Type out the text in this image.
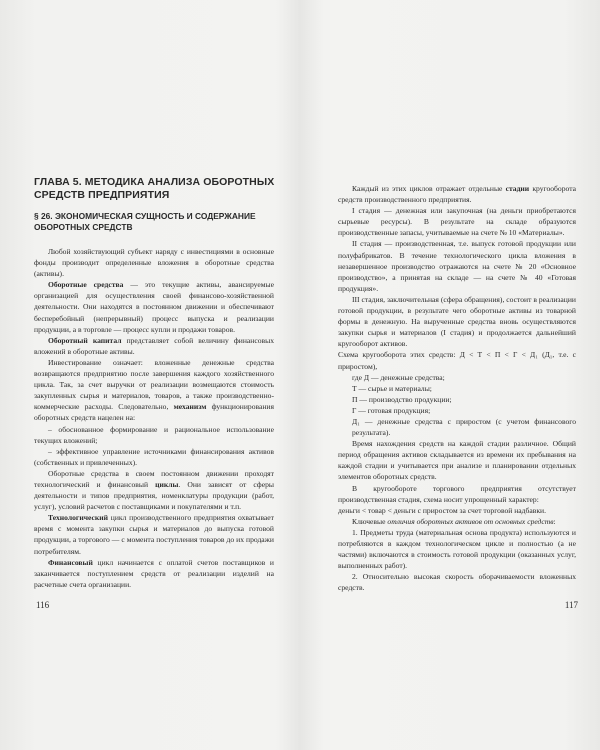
ГЛАВА 5. МЕТОДИКА АНАЛИЗА ОБОРОТНЫХ СРЕДСТВ ПРЕДПРИЯТИЯ
§ 26. ЭКОНОМИЧЕСКАЯ СУЩНОСТЬ И СОДЕРЖАНИЕ ОБОРОТНЫХ СРЕДСТВ

Любой хозяйствующий субъект наряду с инвестициями в основные фонды производит определенные вложения в оборотные средства (активы).

Оборотные средства — это текущие активы, авансируемые организацией для осуществления своей финансово-хозяйственной деятельности. Они находятся в постоянном движении и обеспечивают бесперебойный (непрерывный) процесс выпуска и реализации продукции, а в торговле — процесс купли и продажи товаров.

Оборотный капитал представляет собой величину финансовых вложений в оборотные активы.

Инвестирование означает: вложенные денежные средства возвращаются предприятию после завершения каждого хозяйственного цикла. Так, за счет выручки от реализации возмещаются стоимость закупленных сырья и материалов, товаров, а также производственно-коммерческие расходы. Следовательно, механизм функционирования оборотных средств нацелен на:

– обоснованное формирование и рациональное использование текущих вложений;

– эффективное управление источниками финансирования активов (собственных и привлеченных).

Оборотные средства в своем постоянном движении проходят технологический и финансовый циклы. Они зависят от сферы деятельности и типов предприятия, номенклатуры продукции (работ, услуг), условий расчетов с поставщиками и покупателями и т.п.

Технологический цикл производственного предприятия охватывает время с момента закупки сырья и материалов до выпуска готовой продукции, а торгового — с момента поступления товаров до их продажи потребителям.

Финансовый цикл начинается с оплатой счетов поставщиков и заканчивается поступлением средств от реализации изделий на расчетные счета организации.

116

Каждый из этих циклов отражает отдельные стадии кругооборота средств производственного предприятия.

I стадия — денежная или закупочная (на деньги приобретаются сырьевые ресурсы). В результате на складе образуются производственные запасы, учитываемые на счете № 10 «Материалы».

II стадия — производственная, т.е. выпуск готовой продукции или полуфабрикатов. В течение технологического цикла вложения в незавершенное производство отражаются на счете № 20 «Основное производство», а принятая на складе — на счете № 40 «Готовая продукция».

III стадия, заключительная (сфера обращения), состоит в реализации готовой продукции, в результате чего оборотные активы из товарной формы в денежную. На вырученные средства вновь осуществляются закупки сырья и материалов (I стадия) и продолжается дальнейший кругооборот активов.

Схема кругооборота этих средств: Д < Т < П < Г < Д₁ (Д₁, т.е. с приростом),

где Д — денежные средства;

Т — сырье и материалы;

П — производство продукции;

Г — готовая продукция;

Д₁ — денежные средства с приростом (с учетом финансового результата).

Время нахождения средств на каждой стадии различное. Общий период обращения активов складывается из времени их пребывания на каждой стадии и учитывается при анализе и планировании отдельных элементов оборотных средств.

В кругообороте торгового предприятия отсутствует производственная стадия, схема носит упрощенный характер:

деньги < товар < деньги с приростом за счет торговой надбавки.

Ключевые отличия оборотных активов от основных средств:

1. Предметы труда (материальная основа продукта) используются и потребляются в каждом технологическом цикле и полностью (а не частями) включаются в стоимость готовой продукции (оказанных услуг, выполненных работ).

2. Относительно высокая скорость оборачиваемости вложенных средств.

117
